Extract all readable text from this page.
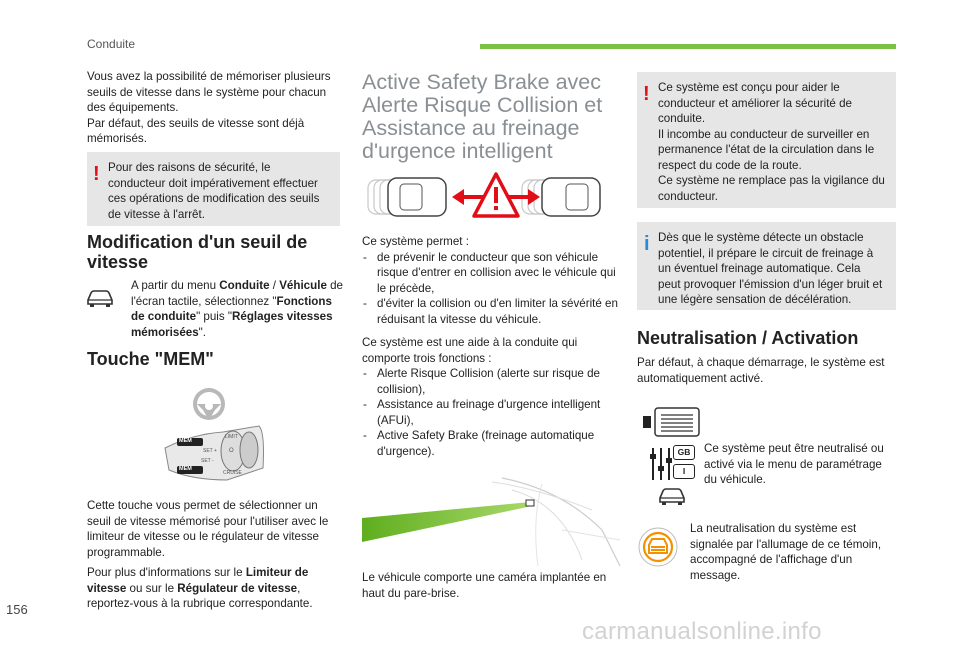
Conduite

Vous avez la possibilité de mémoriser plusieurs seuils de vitesse dans le système pour chacun des équipements.

Par défaut, des seuils de vitesse sont déjà mémorisés.

! Pour des raisons de sécurité, le conducteur doit impérativement effectuer ces opérations de modification des seuils de vitesse à l'arrêt.

Modification d'un seuil de vitesse

A partir du menu Conduite / Véhicule de l'écran tactile, sélectionnez "Fonctions de conduite" puis "Réglages vitesses mémorisées".

Touche "MEM"
MEM
MEM
SET +
SET -
LIMIT
O
CRUISE

Cette touche vous permet de sélectionner un seuil de vitesse mémorisé pour l'utiliser avec le limiteur de vitesse ou le régulateur de vitesse programmable.

Pour plus d'informations sur le Limiteur de vitesse ou sur le Régulateur de vitesse, reportez-vous à la rubrique correspondante.

Active Safety Brake avec Alerte Risque Collision et Assistance au freinage d'urgence intelligent

Ce système permet :

- de prévenir le conducteur que son véhicule risque d'entrer en collision avec le véhicule qui le précède,
- d'éviter la collision ou d'en limiter la sévérité en réduisant la vitesse du véhicule.

Ce système est une aide à la conduite qui comporte trois fonctions :

- Alerte Risque Collision (alerte sur risque de collision),
- Assistance au freinage d'urgence intelligent (AFUi),
- Active Safety Brake (freinage automatique d'urgence).

Le véhicule comporte une caméra implantée en haut du pare-brise.

! Ce système est conçu pour aider le conducteur et améliorer la sécurité de conduite.
Il incombe au conducteur de surveiller en permanence l'état de la circulation dans le respect du code de la route.
Ce système ne remplace pas la vigilance du conducteur.

i Dès que le système détecte un obstacle potentiel, il prépare le circuit de freinage à un éventuel freinage automatique. Cela peut provoquer l'émission d'un léger bruit et une légère sensation de décélération.

Neutralisation / Activation

Par défaut, à chaque démarrage, le système est automatiquement activé.

GB
I

Ce système peut être neutralisé ou activé via le menu de paramétrage du véhicule.

La neutralisation du système est signalée par l'allumage de ce témoin, accompagné de l'affichage d'un message.

156
carmanualsonline.info
